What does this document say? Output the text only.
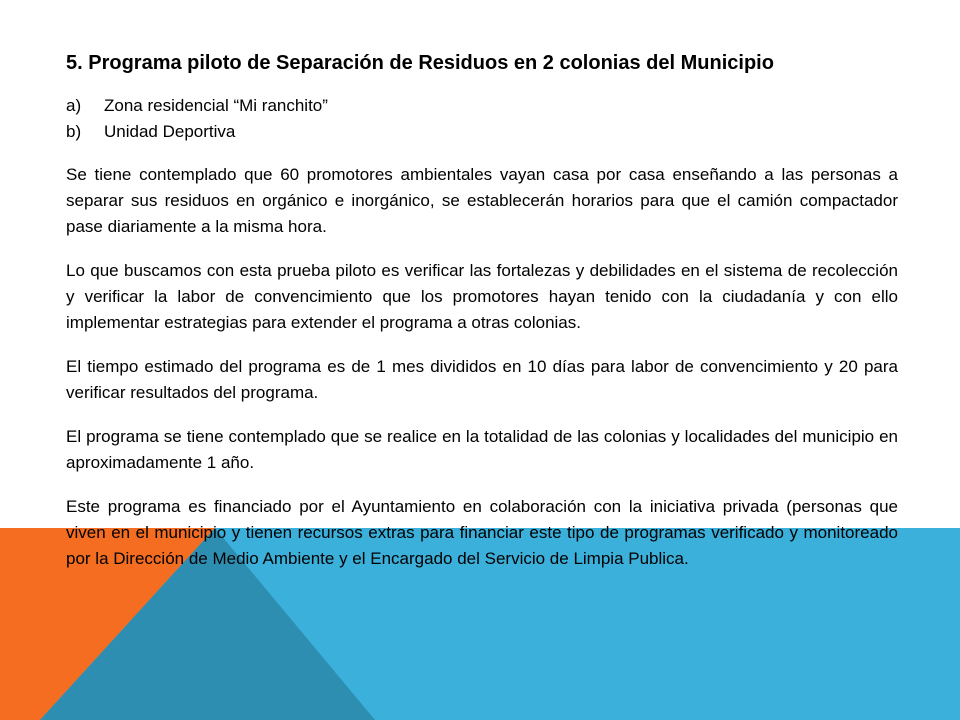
5. Programa piloto de Separación de Residuos en 2 colonias del Municipio
a)	Zona residencial “Mi ranchito”
b)	Unidad Deportiva

Se tiene contemplado que 60 promotores ambientales vayan casa por casa enseñando a las personas a separar sus residuos en orgánico e inorgánico, se establecerán horarios para que el camión compactador pase diariamente a la misma hora.

Lo que buscamos con esta prueba piloto es verificar las fortalezas y debilidades en el sistema de recolección y verificar la labor de convencimiento que los promotores hayan tenido con la ciudadanía y con ello implementar estrategias para extender el programa a otras colonias.

El tiempo estimado del programa es de 1 mes divididos en 10 días para labor de convencimiento y 20 para verificar resultados del programa.

El programa se tiene contemplado que se realice en la totalidad de las colonias y localidades del municipio en aproximadamente 1 año.

Este programa es financiado por el Ayuntamiento en colaboración con la iniciativa privada (personas que viven en el municipio y tienen recursos extras para financiar este tipo de programas verificado y monitoreado por la Dirección de Medio Ambiente y el Encargado del Servicio de Limpia Publica.
